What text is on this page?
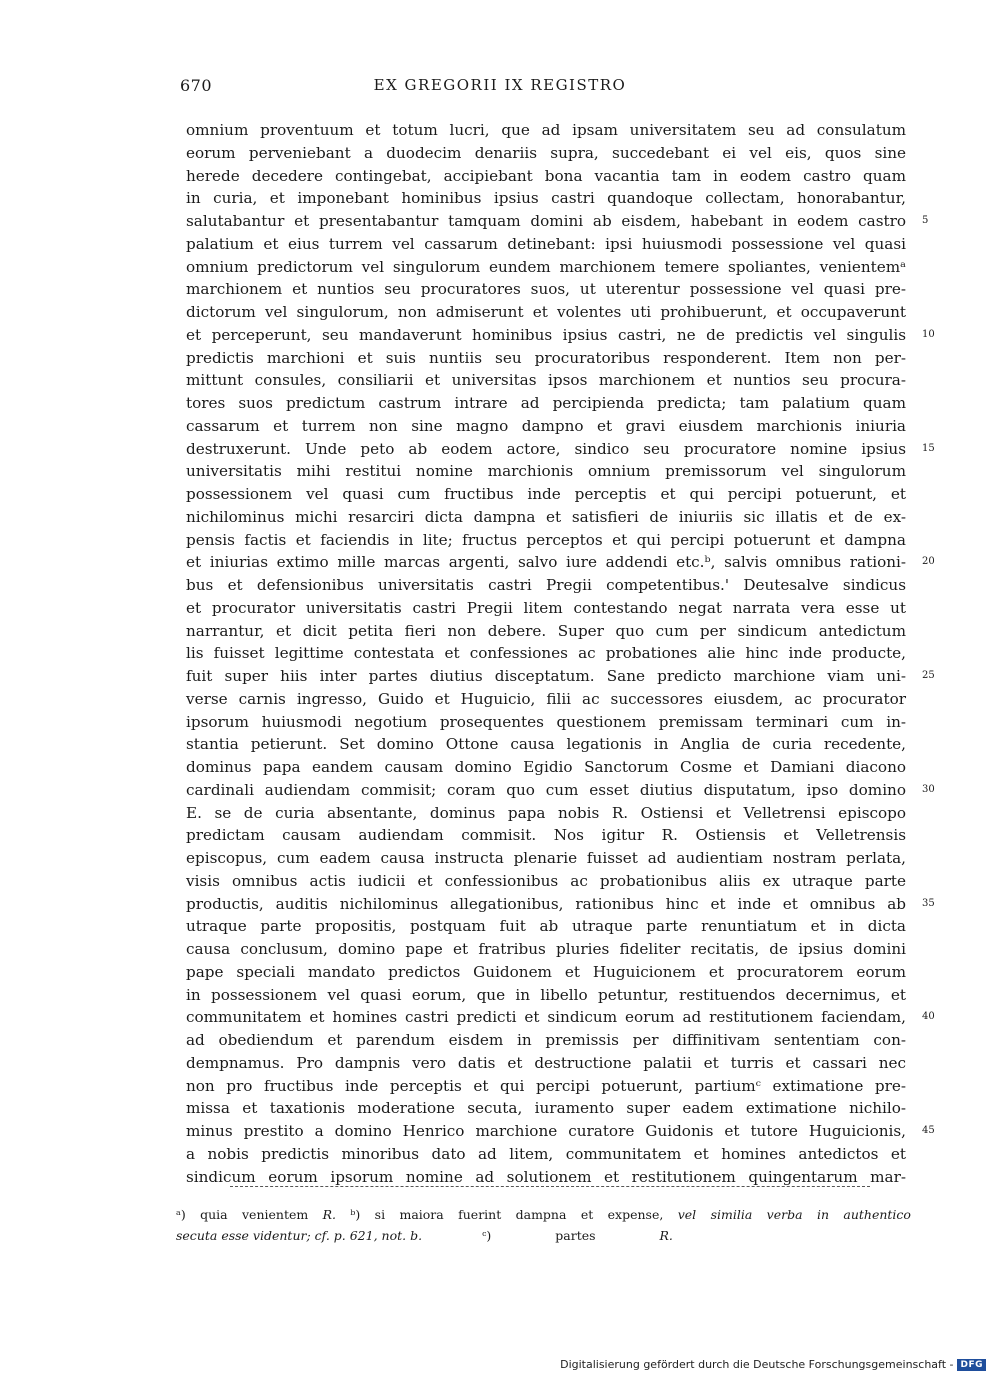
670	EX GREGORII IX REGISTRO
omnium proventuum et totum lucri, que ad ipsam universitatem seu ad consulatum
eorum perveniebant a duodecim denariis supra, succedebant ei vel eis, quos sine
herede decedere contingebat, accipiebant bona vacantia tam in eodem castro quam
in curia, et imponebant hominibus ipsius castri quandoque collectam, honorabantur,
salutabantur et presentabantur tamquam domini ab eisdem, habebant in eodem castro
palatium et eius turrem vel cassarum detinebant: ipsi huiusmodi possessione vel quasi
omnium predictorum vel singulorum eundem marchionem temere spoliantes, venientemᵃ
marchionem et nuntios seu procuratores suos, ut uterentur possessione vel quasi pre-
dictorum vel singulorum, non admiserunt et volentes uti prohibuerunt, et occupaverunt
et perceperunt, seu mandaverunt hominibus ipsius castri, ne de predictis vel singulis
predictis marchioni et suis nuntiis seu procuratoribus responderent. Item non per-
mittunt consules, consiliarii et universitas ipsos marchionem et nuntios seu procura-
tores suos predictum castrum intrare ad percipienda predicta; tam palatium quam
cassarum et turrem non sine magno dampno et gravi eiusdem marchionis iniuria
destruxerunt. Unde peto ab eodem actore, sindico seu procuratore nomine ipsius
universitatis mihi restitui nomine marchionis omnium premissorum vel singulorum
possessionem vel quasi cum fructibus inde perceptis et qui percipi potuerunt, et
nichilominus michi resarciri dicta dampna et satisfieri de iniuriis sic illatis et de ex-
pensis factis et faciendis in lite; fructus perceptos et qui percipi potuerunt et dampna
et iniurias extimo mille marcas argenti, salvo iure addendi etc.ᵇ, salvis omnibus rationi-
bus et defensionibus universitatis castri Pregii competentibus.' Deutesalve sindicus
et procurator universitatis castri Pregii litem contestando negat narrata vera esse ut
narrantur, et dicit petita fieri non debere. Super quo cum per sindicum antedictum
lis fuisset legittime contestata et confessiones ac probationes alie hinc inde producte,
fuit super hiis inter partes diutius disceptatum. Sane predicto marchione viam uni-
verse carnis ingresso, Guido et Huguicio, filii ac successores eiusdem, ac procurator
ipsorum huiusmodi negotium prosequentes questionem premissam terminari cum in-
stantia petierunt. Set domino Ottone causa legationis in Anglia de curia recedente,
dominus papa eandem causam domino Egidio Sanctorum Cosme et Damiani diacono
cardinali audiendam commisit; coram quo cum esset diutius disputatum, ipso domino
E. se de curia absentante, dominus papa nobis R. Ostiensi et Velletrensi episcopo
predictam causam audiendam commisit. Nos igitur R. Ostiensis et Velletrensis
episcopus, cum eadem causa instructa plenarie fuisset ad audientiam nostram perlata,
visis omnibus actis iudicii et confessionibus ac probationibus aliis ex utraque parte
productis, auditis nichilominus allegationibus, rationibus hinc et inde et omnibus ab
utraque parte propositis, postquam fuit ab utraque parte renuntiatum et in dicta
causa conclusum, domino pape et fratribus pluries fideliter recitatis, de ipsius domini
pape speciali mandato predictos Guidonem et Huguicionem et procuratorem eorum
in possessionem vel quasi eorum, que in libello petuntur, restituendos decernimus, et
communitatem et homines castri predicti et sindicum eorum ad restitutionem faciendam,
ad obediendum et parendum eisdem in premissis per diffinitivam sententiam con-
dempnamus. Pro dampnis vero datis et destructione palatii et turris et cassari nec
non pro fructibus inde perceptis et qui percipi potuerunt, partiumᶜ extimatione pre-
missa et taxationis moderatione secuta, iuramento super eadem extimatione nichilo-
minus prestito a domino Henrico marchione curatore Guidonis et tutore Huguicionis,
a nobis predictis minoribus dato ad litem, communitatem et homines antedictos et
sindicum eorum ipsorum nomine ad solutionem et restitutionem quingentarum mar-
5
10
15
20
25
30
35
40
45
ᵃ) quia venientem R. ᵇ) si maiora fuerint dampna et expense, vel similia verba in authentico
secuta esse videntur; cf. p. 621, not. b.	ᶜ)	partes	R.
Digitalisierung gefördert durch die Deutsche Forschungsgemeinschaft - DFG
